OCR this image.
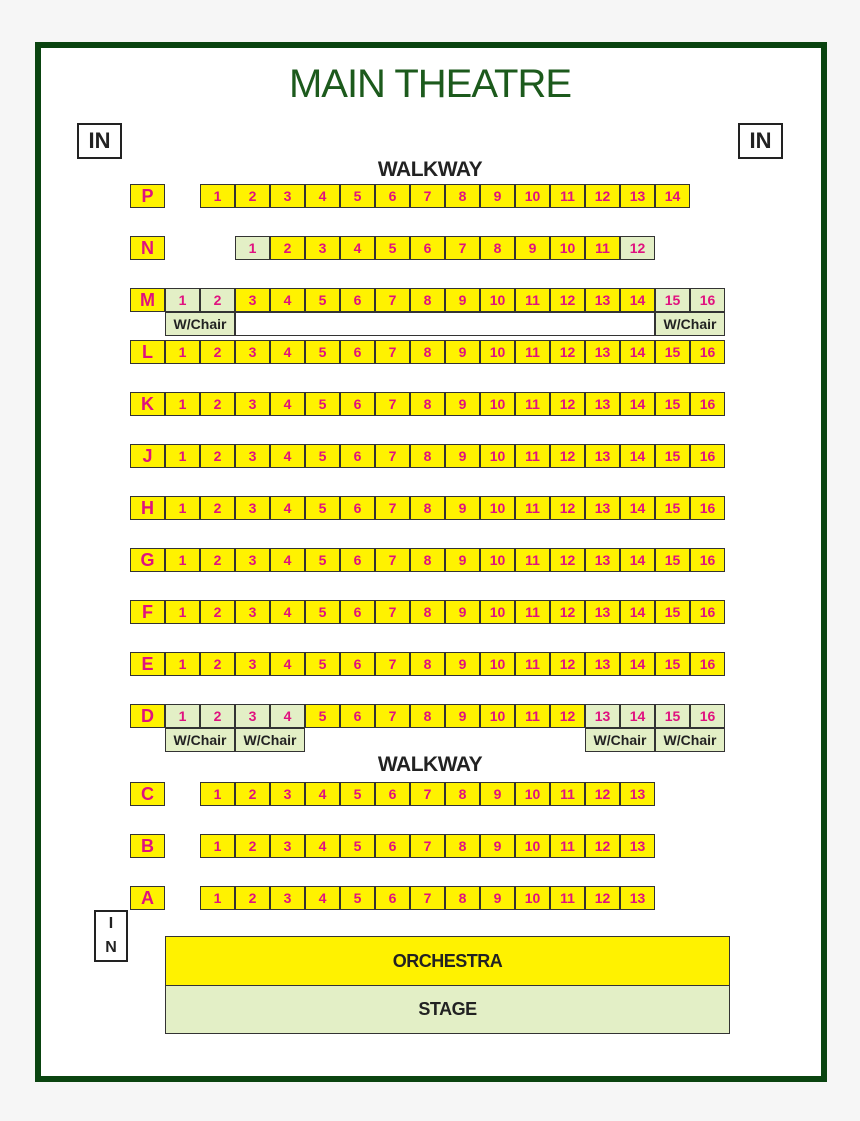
MAIN THEATRE
IN	IN
WALKWAY
WALKWAY
P	1	2	3	4	5	6	7	8	9	10	11	12	13	14
N	1	2	3	4	5	6	7	8	9	10	11	12
M	1	2	3	4	5	6	7	8	9	10	11	12	13	14	15	16
W/Chair	W/Chair
L	1	2	3	4	5	6	7	8	9	10	11	12	13	14	15	16
K	1	2	3	4	5	6	7	8	9	10	11	12	13	14	15	16
J	1	2	3	4	5	6	7	8	9	10	11	12	13	14	15	16
H	1	2	3	4	5	6	7	8	9	10	11	12	13	14	15	16
G	1	2	3	4	5	6	7	8	9	10	11	12	13	14	15	16
F	1	2	3	4	5	6	7	8	9	10	11	12	13	14	15	16
E	1	2	3	4	5	6	7	8	9	10	11	12	13	14	15	16
D	1	2	3	4	5	6	7	8	9	10	11	12	13	14	15	16
W/Chair	W/Chair	W/Chair	W/Chair
C	1	2	3	4	5	6	7	8	9	10	11	12	13
B	1	2	3	4	5	6	7	8	9	10	11	12	13
A	1	2	3	4	5	6	7	8	9	10	11	12	13
ORCHESTRA
STAGE
I
N
